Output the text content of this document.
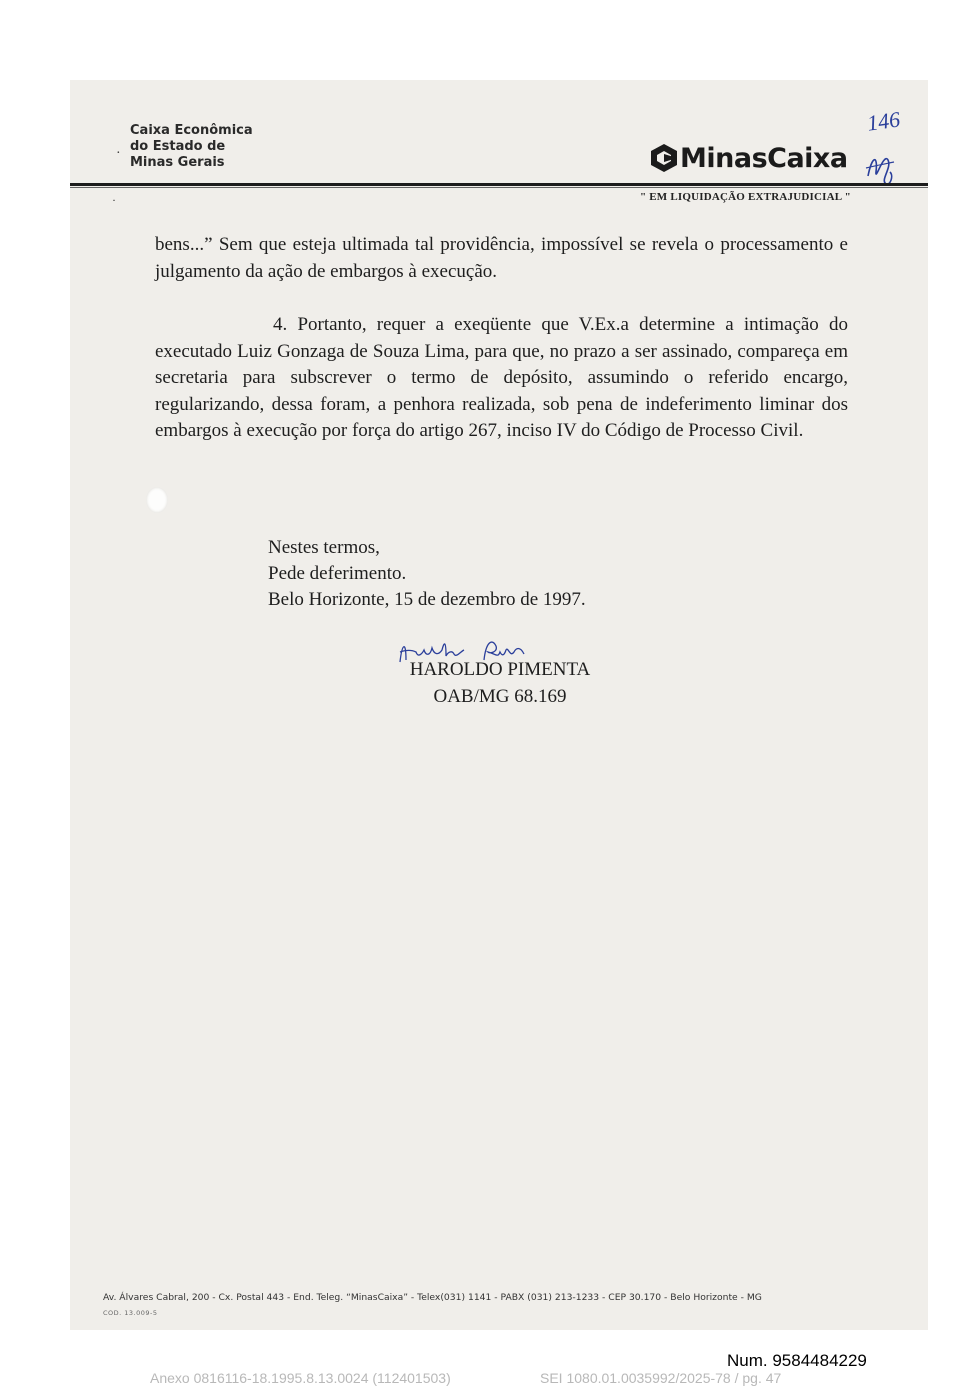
Caixa Econômica
do Estado de
Minas Gerais
·
·
MinasCaixa
146
" EM LIQUIDAÇÃO EXTRAJUDICIAL "

bens...” Sem que esteja ultimada tal providência, impossível se revela o processamento e julgamento da ação de embargos à execução.

4. Portanto, requer a exeqüente que V.Ex.a determine a intimação do executado Luiz Gonzaga de Souza Lima, para que, no prazo a ser assinado, compareça em secretaria para subscrever o termo de depósito, assumindo o referido encargo, regularizando, dessa foram, a penhora realizada, sob pena de indeferimento liminar dos embargos à execução por força do artigo 267, inciso IV do Código de Processo Civil.

Nestes termos,
Pede deferimento.
Belo Horizonte, 15 de dezembro de 1997.
HAROLDO PIMENTA
OAB/MG 68.169
Av. Álvares Cabral, 200 - Cx. Postal 443 - End. Teleg. “MinasCaixa” - Telex(031) 1141 - PABX (031) 213-1233 - CEP 30.170 - Belo Horizonte - MG
COD. 13.009-5
Num. 9584484229
Anexo 0816116-18.1995.8.13.0024 (112401503)	SEI 1080.01.0035992/2025-78 / pg. 47
